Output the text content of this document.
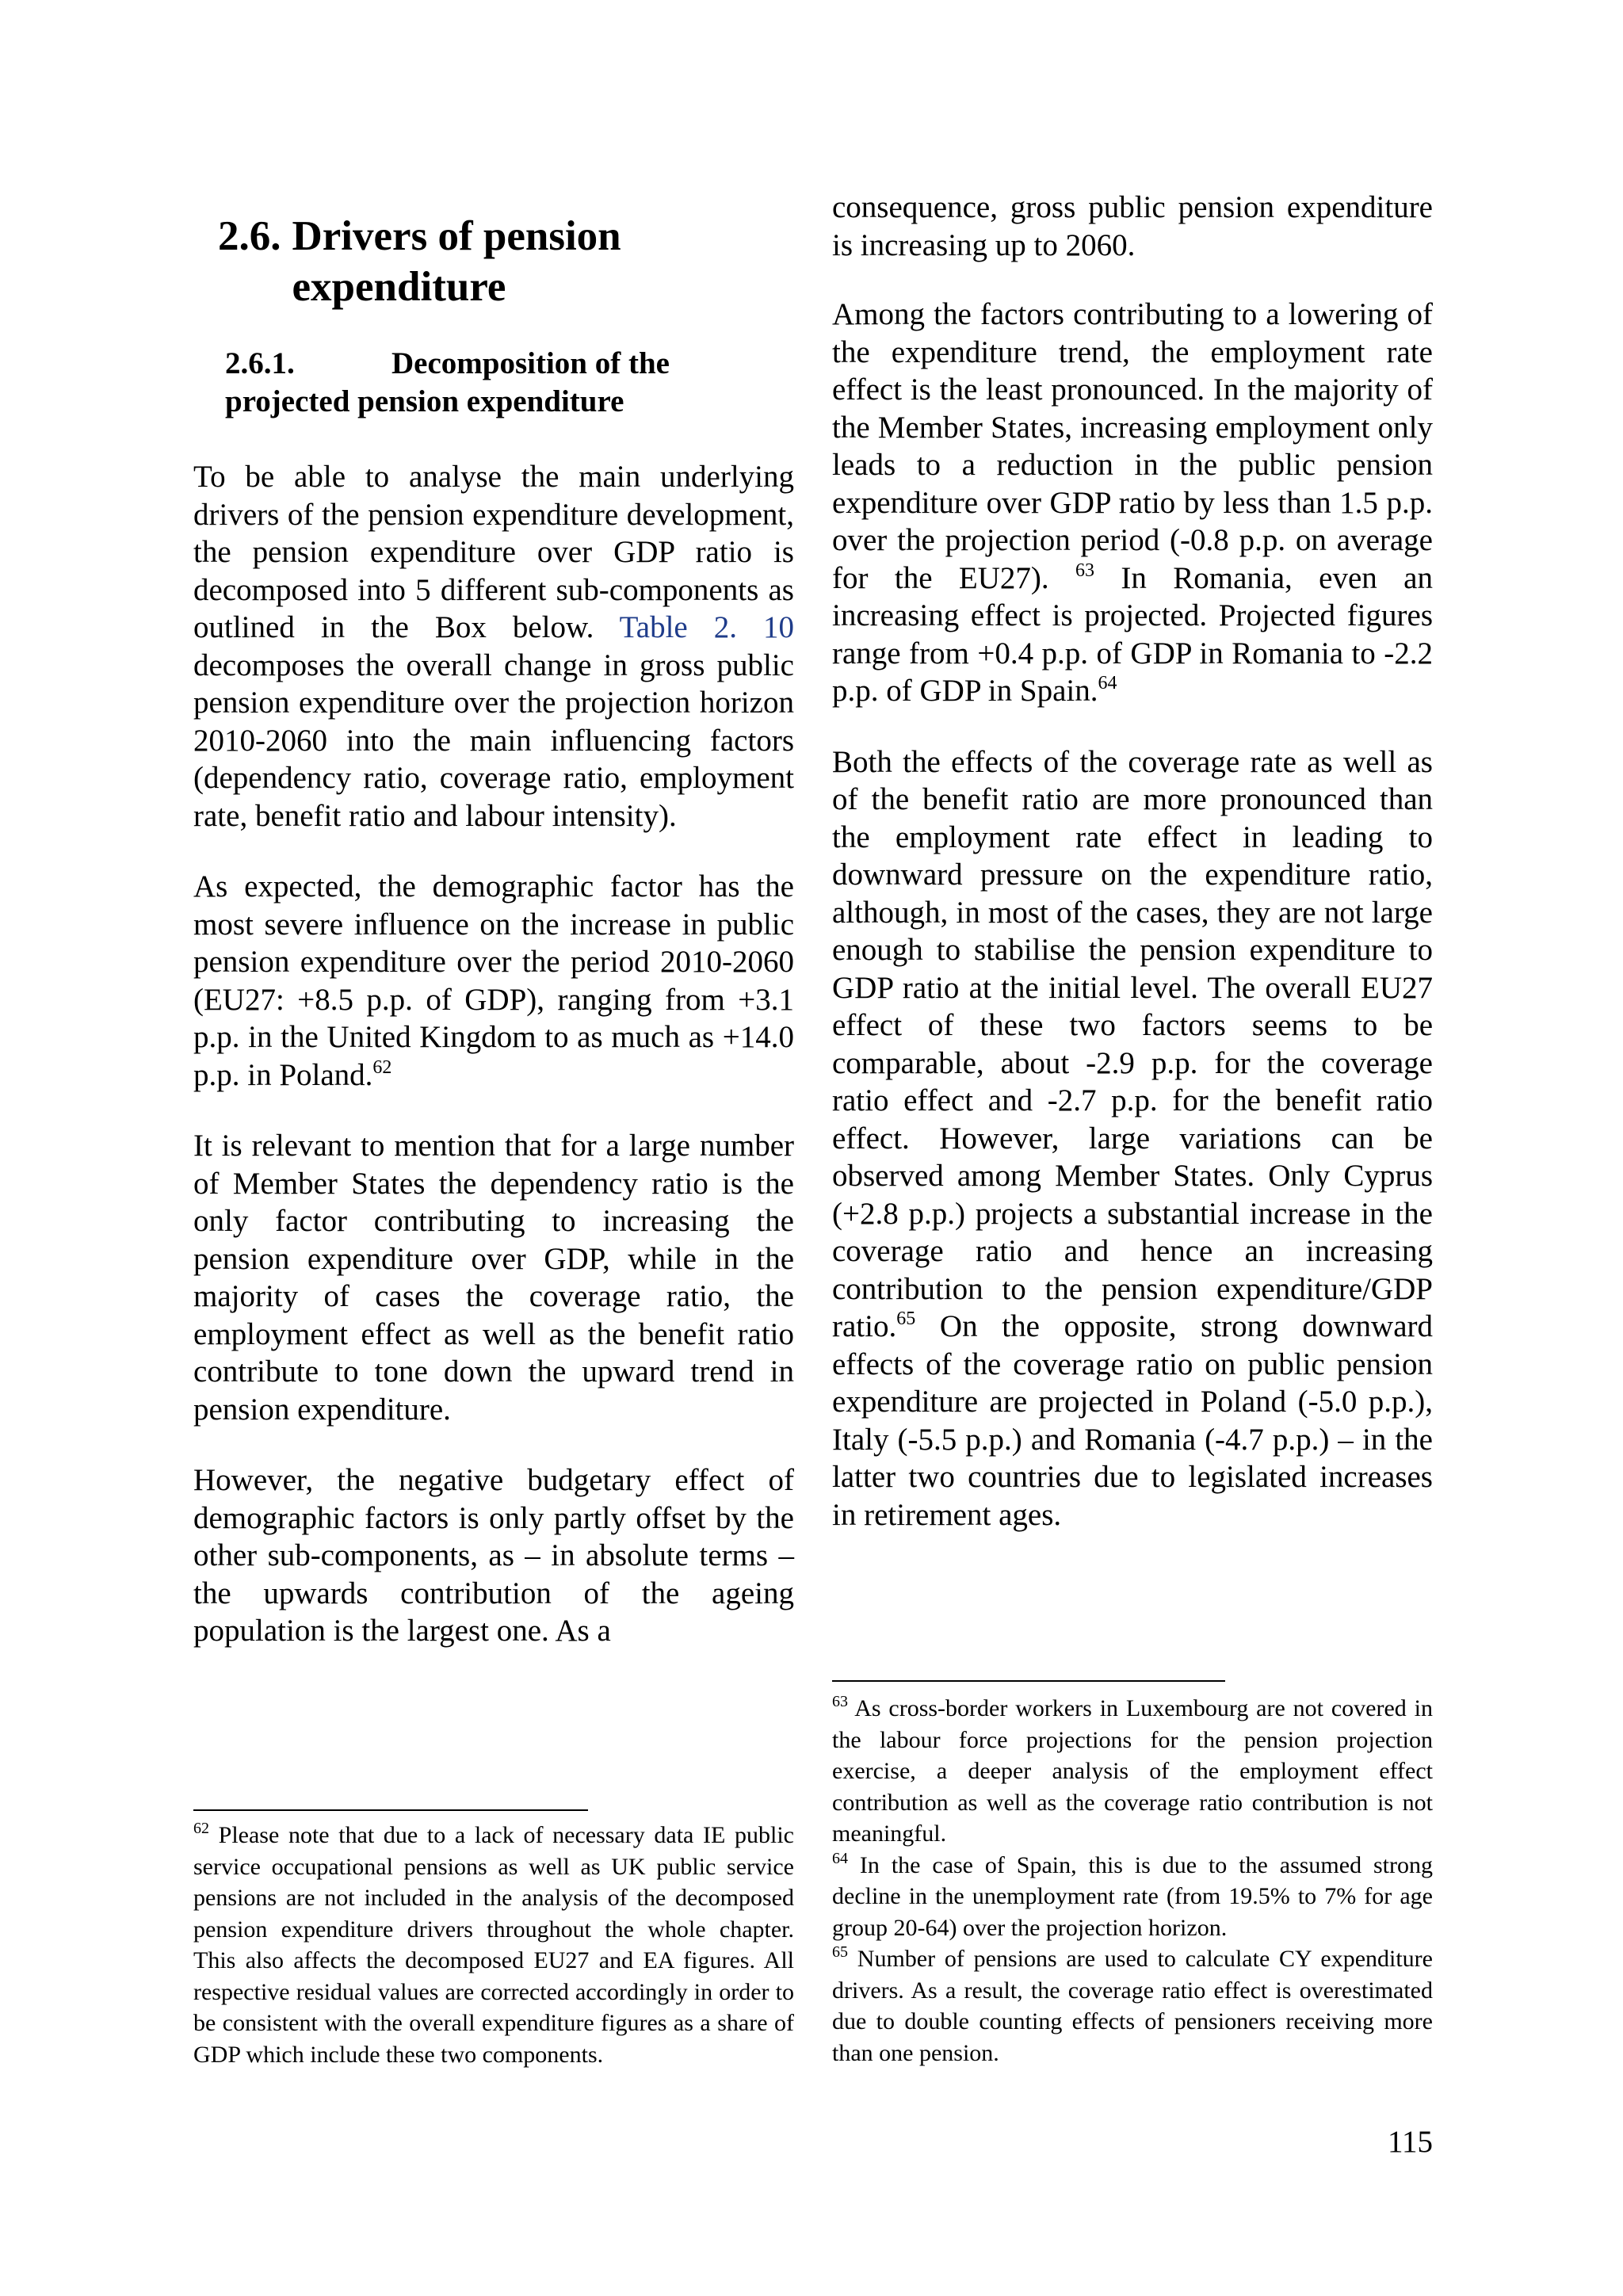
2.6. Drivers of pension expenditure
2.6.1.	Decomposition of the
projected pension expenditure

To be able to analyse the main underlying drivers of the pension expenditure development, the pension expenditure over GDP ratio is decomposed into 5 different sub-components as outlined in the Box below. Table 2. 10 decomposes the overall change in gross public pension expenditure over the projection horizon 2010-2060 into the main influencing factors (dependency ratio, coverage ratio, employment rate, benefit ratio and labour intensity).

As expected, the demographic factor has the most severe influence on the increase in public pension expenditure over the period 2010-2060 (EU27: +8.5 p.p. of GDP), ranging from +3.1 p.p. in the United Kingdom to as much as +14.0 p.p. in Poland.$^{62}$

It is relevant to mention that for a large number of Member States the dependency ratio is the only factor contributing to increasing the pension expenditure over GDP, while in the majority of cases the coverage ratio, the employment effect as well as the benefit ratio contribute to tone down the upward trend in pension expenditure.

However, the negative budgetary effect of demographic factors is only partly offset by the other sub-components, as – in absolute terms – the upwards contribution of the ageing population is the largest one. As a

consequence, gross public pension expenditure is increasing up to 2060.

Among the factors contributing to a lowering of the expenditure trend, the employment rate effect is the least pronounced. In the majority of the Member States, increasing employment only leads to a reduction in the public pension expenditure over GDP ratio by less than 1.5 p.p. over the projection period (-0.8 p.p. on average for the EU27). $^{63}$ In Romania, even an increasing effect is projected. Projected figures range from +0.4 p.p. of GDP in Romania to -2.2 p.p. of GDP in Spain.$^{64}$

Both the effects of the coverage rate as well as of the benefit ratio are more pronounced than the employment rate effect in leading to downward pressure on the expenditure ratio, although, in most of the cases, they are not large enough to stabilise the pension expenditure to GDP ratio at the initial level. The overall EU27 effect of these two factors seems to be comparable, about -2.9 p.p. for the coverage ratio effect and -2.7 p.p. for the benefit ratio effect. However, large variations can be observed among Member States. Only Cyprus (+2.8 p.p.) projects a substantial increase in the coverage ratio and hence an increasing contribution to the pension expenditure/GDP ratio.$^{65}$ On the opposite, strong downward effects of the coverage ratio on public pension expenditure are projected in Poland (-5.0 p.p.), Italy (-5.5 p.p.) and Romania (-4.7 p.p.) – in the latter two countries due to legislated increases in retirement ages.

$^{62}$ Please note that due to a lack of necessary data IE public service occupational pensions as well as UK public service pensions are not included in the analysis of the decomposed pension expenditure drivers throughout the whole chapter. This also affects the decomposed EU27 and EA figures. All respective residual values are corrected accordingly in order to be consistent with the overall expenditure figures as a share of GDP which include these two components.

$^{63}$ As cross-border workers in Luxembourg are not covered in the labour force projections for the pension projection exercise, a deeper analysis of the employment effect contribution as well as the coverage ratio contribution is not meaningful.

$^{64}$ In the case of Spain, this is due to the assumed strong decline in the unemployment rate (from 19.5% to 7% for age group 20-64) over the projection horizon.

$^{65}$ Number of pensions are used to calculate CY expenditure drivers. As a result, the coverage ratio effect is overestimated due to double counting effects of pensioners receiving more than one pension.

115
